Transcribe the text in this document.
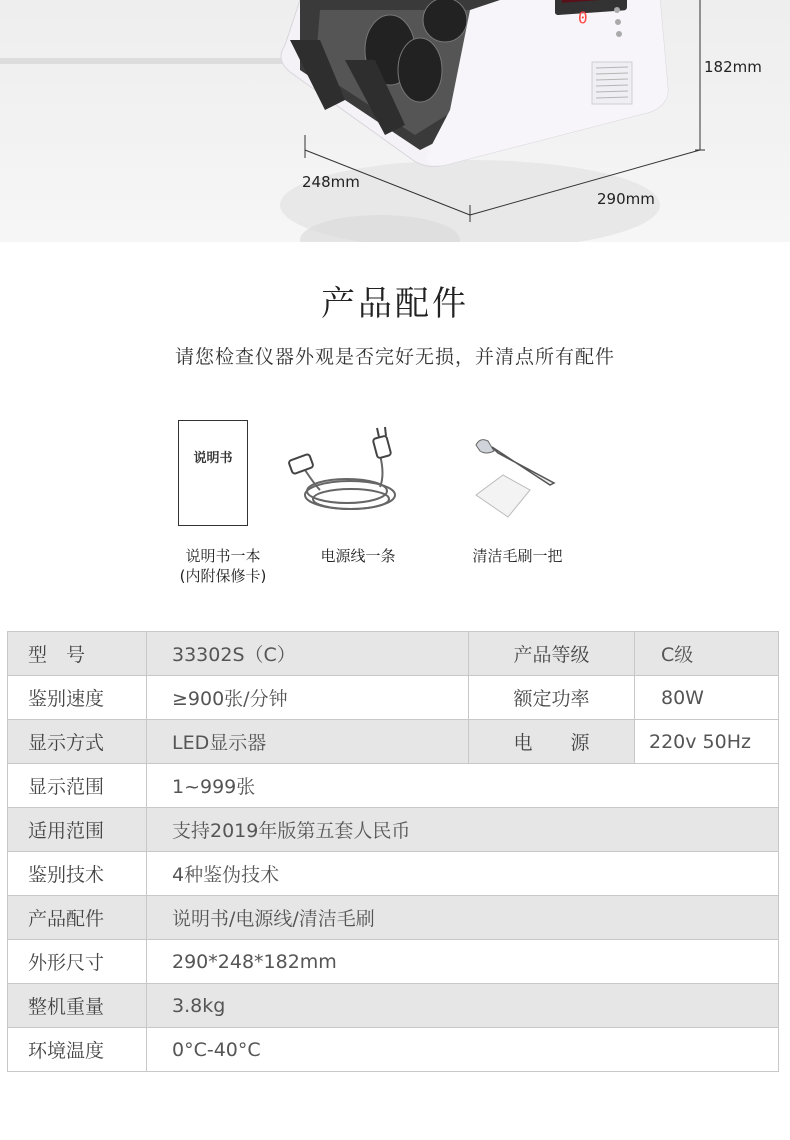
0
182mm
248mm
290mm
产品配件
请您检查仪器外观是否完好无损，并清点所有配件
说明书
说明书一本
(内附保修卡)
电源线一条	清洁毛刷一把
型　号	33302S（C）	产品等级	C级
鉴别速度	≥900张/分钟	额定功率	80W
显示方式	LED显示器	电　　源	220v 50Hz
显示范围	1~999张		
适用范围	支持2019年版第五套人民币		
鉴别技术	4种鉴伪技术		
产品配件	说明书/电源线/清洁毛刷		
外形尺寸	290*248*182mm		
整机重量	3.8kg		
环境温度	0°C-40°C		
